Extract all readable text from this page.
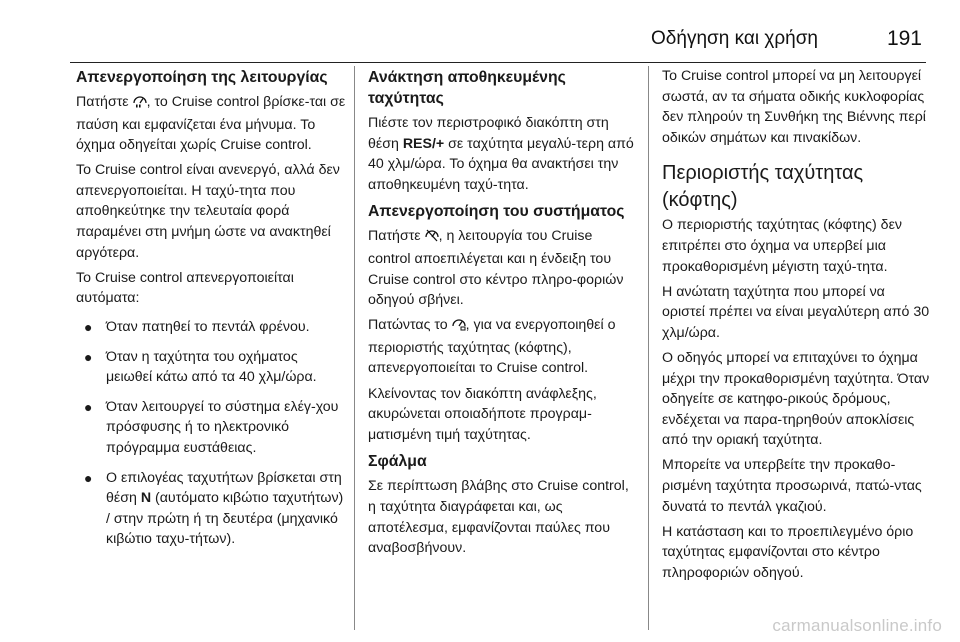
Οδήγηση και χρήση	191
Απενεργοποίηση της λειτουργίας

Πατήστε , το Cruise control βρίσκε-ται σε παύση και εμφανίζεται ένα μήνυμα. Το όχημα οδηγείται χωρίς Cruise control.

Το Cruise control είναι ανενεργό, αλλά δεν απενεργοποιείται. Η ταχύ-τητα που αποθηκεύτηκε την τελευταία φορά παραμένει στη μνήμη ώστε να ανακτηθεί αργότερα.

Το Cruise control απενεργοποιείται αυτόματα:

● Όταν πατηθεί το πεντάλ φρένου.
● Όταν η ταχύτητα του οχήματος μειωθεί κάτω από τα 40 χλμ/ώρα.
● Όταν λειτουργεί το σύστημα ελέγ-χου πρόσφυσης ή το ηλεκτρονικό πρόγραμμα ευστάθειας.
● Ο επιλογέας ταχυτήτων βρίσκεται στη θέση N (αυτόματο κιβώτιο ταχυτήτων) / στην πρώτη ή τη δευτέρα (μηχανικό κιβώτιο ταχυ-τήτων).
Ανάκτηση αποθηκευμένης ταχύτητας

Πιέστε τον περιστροφικό διακόπτη στη θέση RES/+ σε ταχύτητα μεγαλύ-τερη από 40 χλμ/ώρα. Το όχημα θα ανακτήσει την αποθηκευμένη ταχύ-τητα.

Απενεργοποίηση του συστήματος

Πατήστε , η λειτουργία του Cruise control αποεπιλέγεται και η ένδειξη του Cruise control στο κέντρο πληρο-φοριών οδηγού σβήνει.

Πατώντας το , για να ενεργοποιηθεί ο περιοριστής ταχύτητας (κόφτης), απενεργοποιείται το Cruise control.

Κλείνοντας τον διακόπτη ανάφλεξης, ακυρώνεται οποιαδήποτε προγραμ-ματισμένη τιμή ταχύτητας.

Σφάλμα

Σε περίπτωση βλάβης στο Cruise control, η ταχύτητα διαγράφεται και, ως αποτέλεσμα, εμφανίζονται παύλες που αναβοσβήνουν.

Το Cruise control μπορεί να μη λειτουργεί σωστά, αν τα σήματα οδικής κυκλοφορίας δεν πληρούν τη Συνθήκη της Βιέννης περί οδικών σημάτων και πινακίδων.

Περιοριστής ταχύτητας (κόφτης)

Ο περιοριστής ταχύτητας (κόφτης) δεν επιτρέπει στο όχημα να υπερβεί μια προκαθορισμένη μέγιστη ταχύ-τητα.

Η ανώτατη ταχύτητα που μπορεί να οριστεί πρέπει να είναι μεγαλύτερη από 30 χλμ/ώρα.

Ο οδηγός μπορεί να επιταχύνει το όχημα μέχρι την προκαθορισμένη ταχύτητα. Όταν οδηγείτε σε κατηφο-ρικούς δρόμους, ενδέχεται να παρα-τηρηθούν αποκλίσεις από την οριακή ταχύτητα.

Μπορείτε να υπερβείτε την προκαθο-ρισμένη ταχύτητα προσωρινά, πατώ-ντας δυνατά το πεντάλ γκαζιού.

Η κατάσταση και το προεπιλεγμένο όριο ταχύτητας εμφανίζονται στο κέντρο πληροφοριών οδηγού.

carmanualsonline.info
